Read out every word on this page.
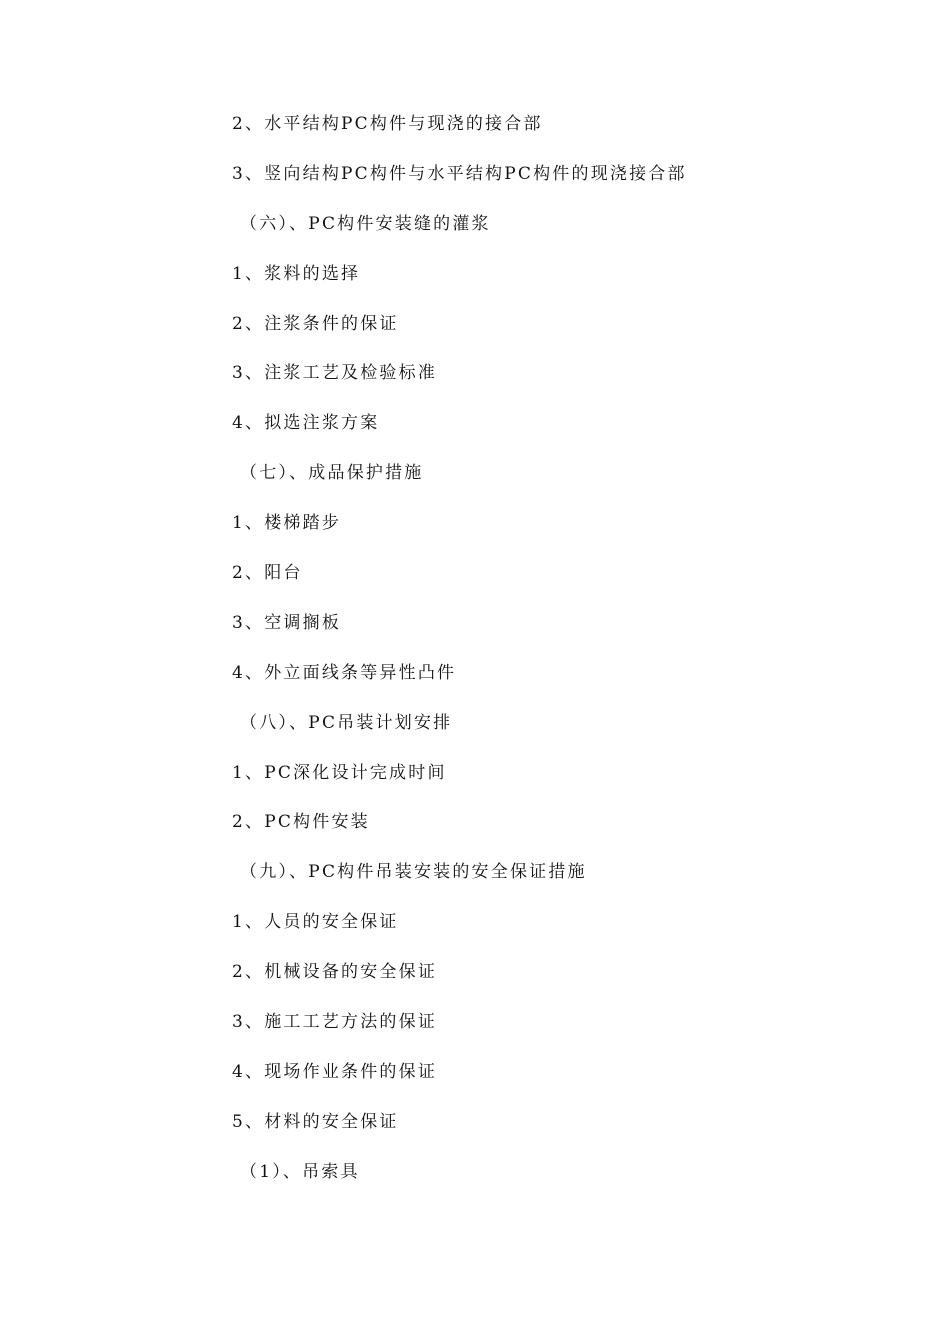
2、水平结构PC构件与现浇的接合部
3、竖向结构PC构件与水平结构PC构件的现浇接合部
（六）、PC构件安装缝的灌浆
1、浆料的选择
2、注浆条件的保证
3、注浆工艺及检验标准
4、拟选注浆方案
（七）、成品保护措施
1、楼梯踏步
2、阳台
3、空调搁板
4、外立面线条等异性凸件
（八）、PC吊装计划安排
1、PC深化设计完成时间
2、PC构件安装
（九）、PC构件吊装安装的安全保证措施
1、人员的安全保证
2、机械设备的安全保证
3、施工工艺方法的保证
4、现场作业条件的保证
5、材料的安全保证
（1）、吊索具
